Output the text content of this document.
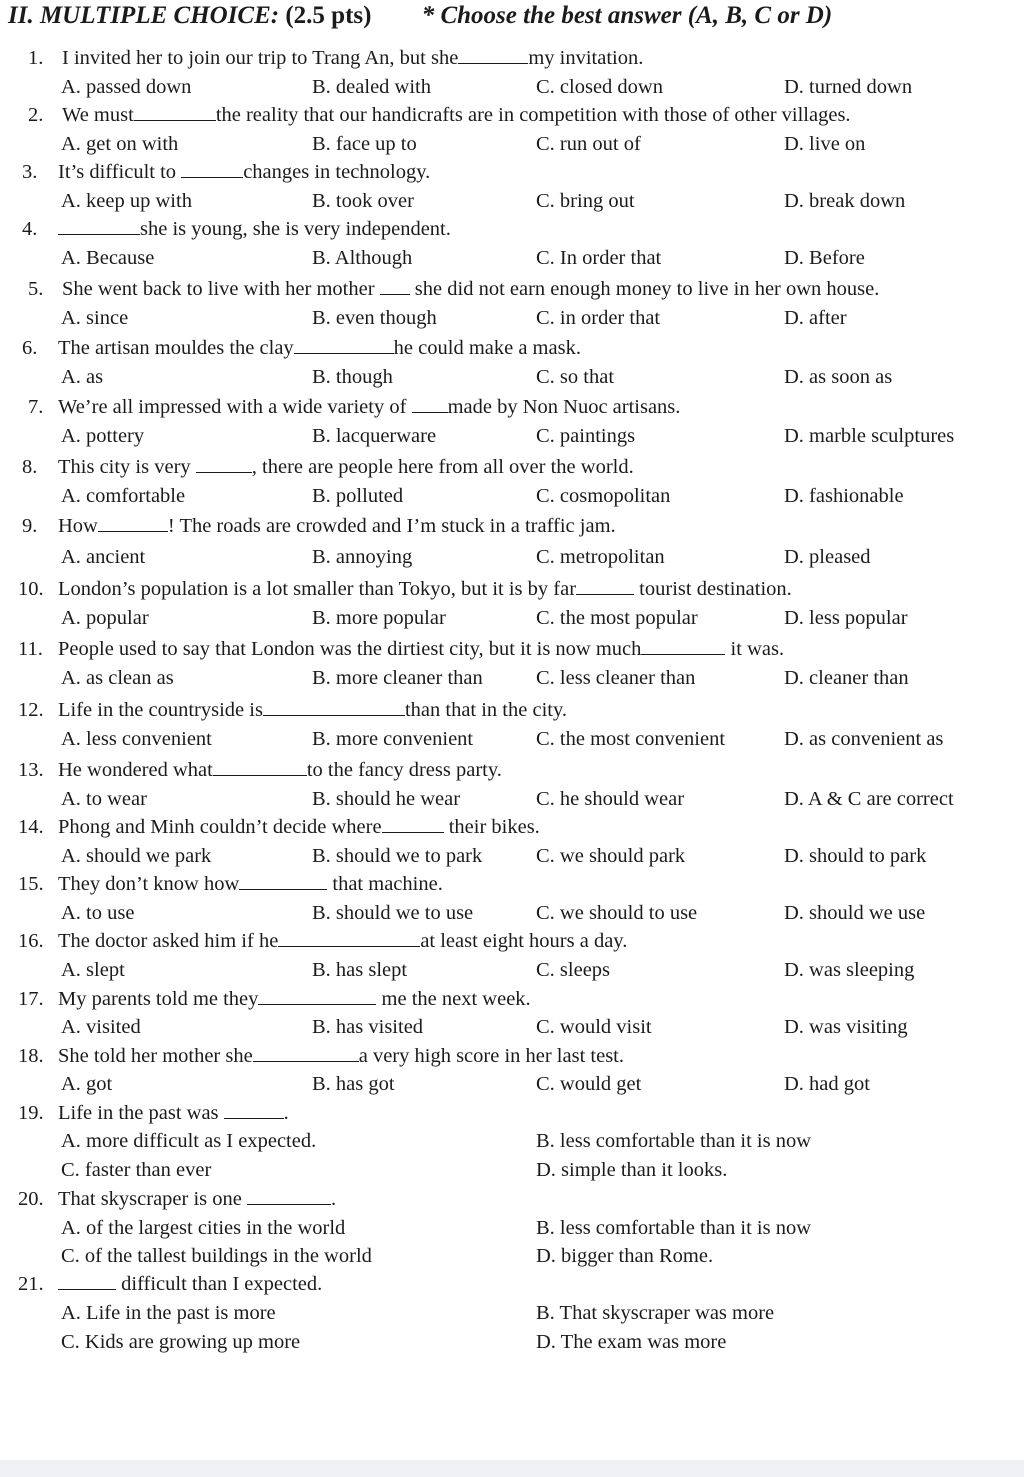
II. MULTIPLE CHOICE: (2.5 pts) * Choose the best answer (A, B, C or D)
1. I invited her to join our trip to Trang An, but she	my invitation.
A. passed down	B. dealed with	C. closed down	D. turned down
2. We must	the reality that our handicrafts are in competition with those of other villages.
A. get on with	B. face up to	C. run out of	D. live on
3. It’s difficult to	changes in technology.
A. keep up with	B. took over	C. bring out	D. break down
4.	she is young, she is very independent.
A. Because	B. Although	C. In order that	D. Before
5. She went back to live with her mother  she did not earn enough money to live in her own house.
A. since	B. even though	C. in order that	D. after
6. The artisan mouldes the clay	he could make a mask.
A. as	B. though	C. so that	D. as soon as
7. We’re all impressed with a wide variety of made by Non Nuoc artisans.
A. pottery	B. lacquerware	C. paintings	D. marble sculptures
8. This city is very	, there are people here from all over the world.
A. comfortable	B. polluted	C. cosmopolitan	D. fashionable
9. How	! The roads are crowded and I’m stuck in a traffic jam.
A. ancient	B. annoying	C. metropolitan	D. pleased
10. London’s population is a lot smaller than Tokyo, but it is by far	tourist destination.
A. popular	B. more popular	C. the most popular	D. less popular
11. People used to say that London was the dirtiest city, but it is now much	it was.
A. as clean as	B. more cleaner than	C. less cleaner than	D. cleaner than
12. Life in the countryside is	than that in the city.
A. less convenient	B. more convenient	C. the most convenient	D. as convenient as
13. He wondered what	to the fancy dress party.
A. to wear	B. should he wear	C. he should wear	D. A & C are correct
14. Phong and Minh couldn’t decide where	their bikes.
A. should we park	B. should we to park	C. we should park	D. should to park
15. They don’t know how	that machine.
A. to use	B. should we to use	C. we should to use	D. should we use
16. The doctor asked him if he	at least eight hours a day.
A. slept	B. has slept	C. sleeps	D. was sleeping
17. My parents told me they	me the next week.
A. visited	B. has visited	C. would visit	D. was visiting
18. She told her mother she	a very high score in her last test.
A. got	B. has got	C. would get	D. had got
19. Life in the past was	.
A. more difficult as I expected.	B. less comfortable than it is now
C. faster than ever	D. simple than it looks.
20. That skyscraper is one	.
A. of the largest cities in the world	B. less comfortable than it is now
C. of the tallest buildings in the world	D. bigger than Rome.
21.	difficult than I expected.
A. Life in the past is more	B. That skyscraper was more
C. Kids are growing up more	D. The exam was more
